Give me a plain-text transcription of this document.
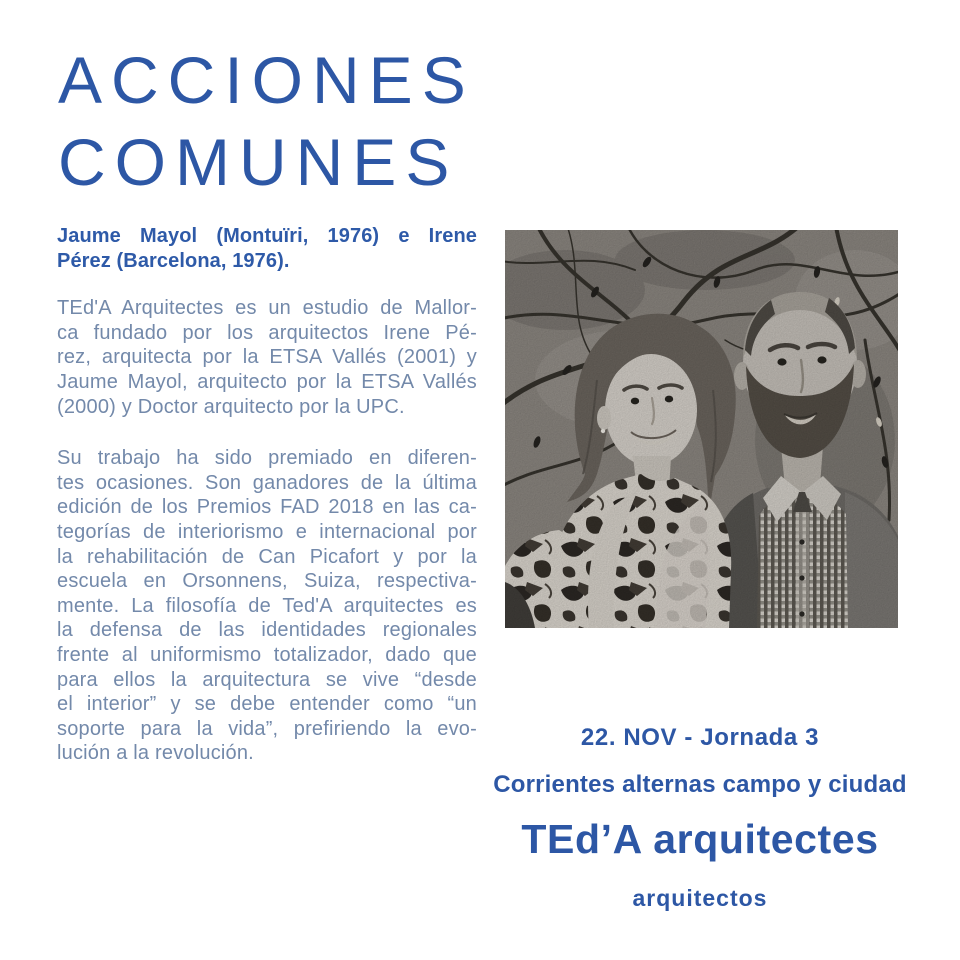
ACCIONES
COMUNES
Jaume Mayol (Montuïri, 1976) e Irene
Pérez (Barcelona, 1976).
TEd'A Arquitectes es un estudio de Mallor-
ca fundado por los arquitectos Irene Pé-
rez, arquitecta por la ETSA Vallés (2001) y
Jaume Mayol, arquitecto por la ETSA Vallés
(2000) y Doctor arquitecto por la UPC.
Su trabajo ha sido premiado en diferen-
tes ocasiones. Son ganadores de la última
edición de los Premios FAD 2018 en las ca-
tegorías de interiorismo e internacional por
la rehabilitación de Can Picafort y por la
escuela en Orsonnens, Suiza, respectiva-
mente. La filosofía de Ted'A arquitectes es
la defensa de las identidades regionales
frente al uniformismo totalizador, dado que
para ellos la arquitectura se vive “desde
el interior” y se debe entender como “un
soporte para la vida”, prefiriendo la evo-
lución a la revolución.
22. NOV - Jornada 3
Corrientes alternas campo y ciudad
TEd’A arquitectes
arquitectos
